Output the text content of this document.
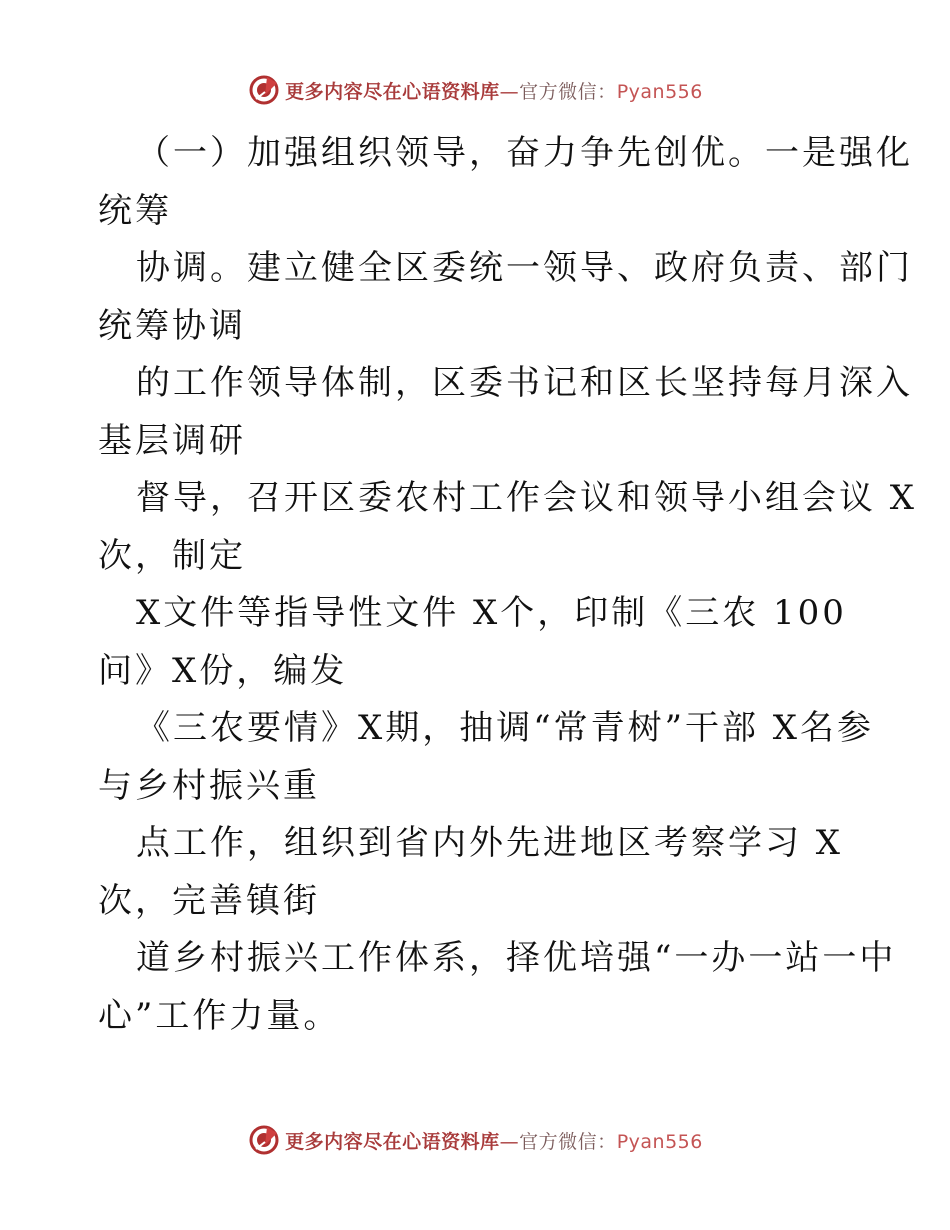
更多内容尽在心语资料库—官方微信：Pyan556
（一）加强组织领导，奋力争先创优。一是强化
统筹
协调。建立健全区委统一领导、政府负责、部门
统筹协调
的工作领导体制，区委书记和区长坚持每月深入
基层调研
督导，召开区委农村工作会议和领导小组会议 X
次，制定
X文件等指导性文件 X个，印制《三农 100
问》X份，编发
《三农要情》X期，抽调“常青树”干部 X名参
与乡村振兴重
点工作，组织到省内外先进地区考察学习 X
次，完善镇街
道乡村振兴工作体系，择优培强“一办一站一中
心”工作力量。
更多内容尽在心语资料库—官方微信：Pyan556
